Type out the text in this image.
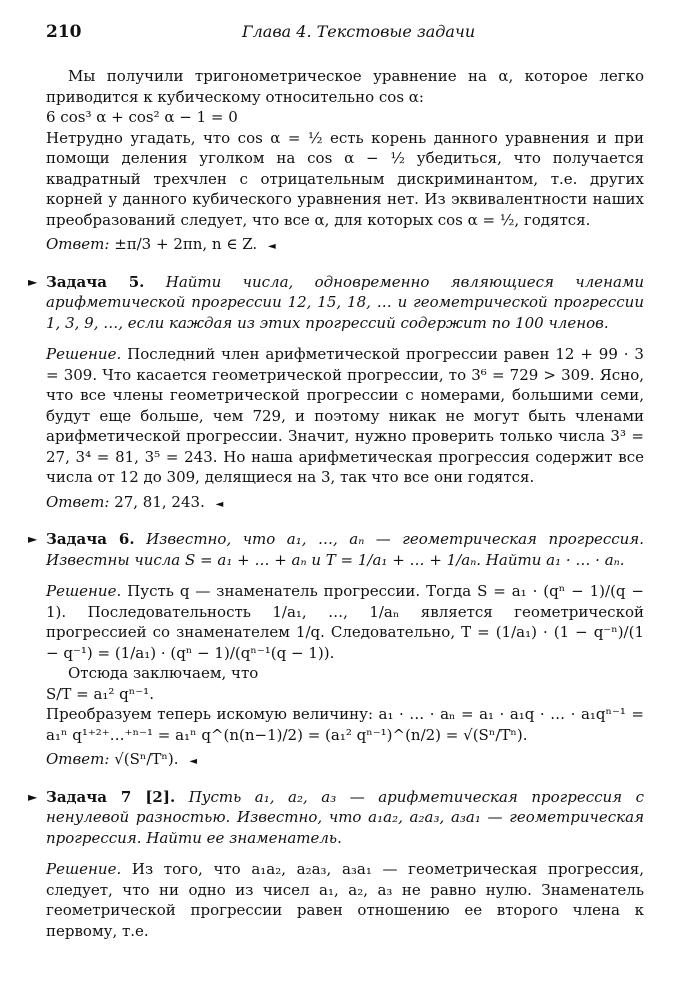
210	Глава 4. Текстовые задачи

Мы получили тригонометрическое уравнение на α, которое легко приводится к кубическому относительно cos α:

6 cos³ α + cos² α − 1 = 0

Нетрудно угадать, что cos α = ½ есть корень данного уравнения и при помощи деления уголком на cos α − ½ убедиться, что получается квадратный трехчлен с отрицательным дискриминантом, т.е. других корней у данного кубического уравнения нет. Из эквивалентности наших преобразований следует, что все α, для которых cos α = ½, годятся.

Ответ: ±π/3 + 2πn, n ∈ Z. ◄

► Задача 5. Найти числа, одновременно являющиеся членами арифметической прогрессии 12, 15, 18, … и геометрической прогрессии 1, 3, 9, …, если каждая из этих прогрессий содержит по 100 членов.

Решение. Последний член арифметической прогрессии равен 12 + 99 · 3 = 309. Что касается геометрической прогрессии, то 3⁶ = 729 > 309. Ясно, что все члены геометрической прогрессии с номерами, большими семи, будут еще больше, чем 729, и поэтому никак не могут быть членами арифметической прогрессии. Значит, нужно проверить только числа 3³ = 27, 3⁴ = 81, 3⁵ = 243. Но наша арифметическая прогрессия содержит все числа от 12 до 309, делящиеся на 3, так что все они годятся.

Ответ: 27, 81, 243. ◄

► Задача 6. Известно, что a₁, …, aₙ — геометрическая прогрессия. Известны числа S = a₁ + … + aₙ и T = 1/a₁ + … + 1/aₙ. Найти a₁ · … · aₙ.

Решение. Пусть q — знаменатель прогрессии. Тогда S = a₁ · (qⁿ − 1)/(q − 1). Последовательность 1/a₁, …, 1/aₙ является геометрической прогрессией со знаменателем 1/q. Следовательно, T = (1/a₁) · (1 − q⁻ⁿ)/(1 − q⁻¹) = (1/a₁) · (qⁿ − 1)/(qⁿ⁻¹(q − 1)).

Отсюда заключаем, что

S/T = a₁² qⁿ⁻¹.

Преобразуем теперь искомую величину: a₁ · … · aₙ = a₁ · a₁q · … · a₁qⁿ⁻¹ = a₁ⁿ q¹⁺²⁺…⁺ⁿ⁻¹ = a₁ⁿ q^(n(n−1)/2) = (a₁² qⁿ⁻¹)^(n/2) = √(Sⁿ/Tⁿ).

Ответ: √(Sⁿ/Tⁿ). ◄

► Задача 7 [2]. Пусть a₁, a₂, a₃ — арифметическая прогрессия с ненулевой разностью. Известно, что a₁a₂, a₂a₃, a₃a₁ — геометрическая прогрессия. Найти ее знаменатель.

Решение. Из того, что a₁a₂, a₂a₃, a₃a₁ — геометрическая прогрессия, следует, что ни одно из чисел a₁, a₂, a₃ не равно нулю. Знаменатель геометрической прогрессии равен отношению ее второго члена к первому, т.е.
